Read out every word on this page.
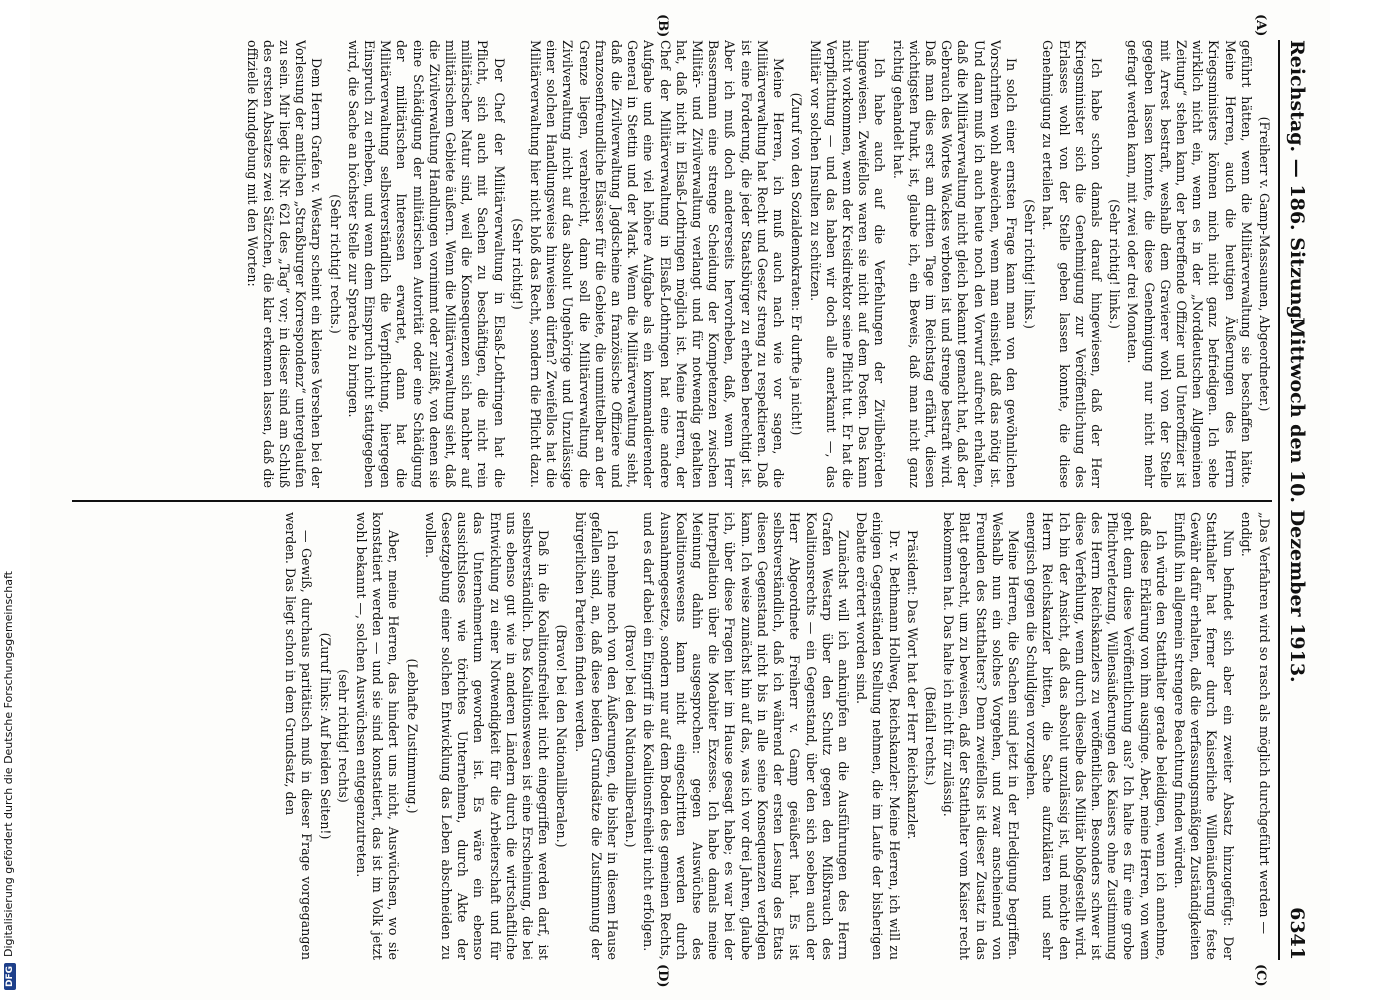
Reichstag. — 186. Sitzung.
Mittwoch den 10. Dezember 1913.
6341
(A)
(B)
(C)
(D)

(Freiherr v. Gamp-Massaunen, Abgeordneter.)

geführt hätten, wenn die Militärverwaltung sie beschaffen hätte. Meine Herren, auch die heutigen Äußerungen des Herrn Kriegsministers können mich nicht ganz befriedigen. Ich sehe wirklich nicht ein, wenn es in der „Norddeutschen Allgemeinen Zeitung“ stehen kann, der betreffende Offizier und Unteroffizier ist mit Arrest bestraft, weshalb dem Gravierer wohl von der Stelle gegeben lassen konnte, die diese Genehmigung nur nicht mehr gefragt werden kann, mit zwei oder drei Monaten.

(Sehr richtig! links.)

Ich habe schon damals darauf hingewiesen, daß der Herr Kriegsminister sich die Genehmigung zur Veröffentlichung des Erlasses wohl von der Stelle geben lassen konnte, die diese Genehmigung zu erteilen hat.

(Sehr richtig! links.)

In solch einer ernsten Frage kann man von den gewöhnlichen Vorschriften wohl abweichen, wenn man einsieht, daß das nötig ist. Und dann muß ich auch heute noch den Vorwurf aufrecht erhalten, daß die Militärverwaltung nicht gleich bekannt gemacht hat, daß der Gebrauch des Wortes Wackes verboten ist und strenge bestraft wird. Daß man dies erst am dritten Tage im Reichstag erfährt, diesen wichtigsten Punkt, ist, glaube ich, ein Beweis, daß man nicht ganz richtig gehandelt hat.

Ich habe auch auf die Verfehlungen der Zivilbehörden hingewiesen. Zweifellos waren sie nicht auf dem Posten. Das kann nicht vorkommen, wenn der Kreisdirektor seine Pflicht tut. Er hat die Verpflichtung — und das haben wir doch alle anerkannt —, das Militär vor solchen Insulten zu schützen.

(Zuruf von den Sozialdemokraten: Er durfte ja nicht!)

Meine Herren, ich muß auch nach wie vor sagen, die Militärverwaltung hat Recht und Gesetz streng zu respektieren. Daß ist eine Forderung, die jeder Staatsbürger zu erheben berechtigt ist. Aber ich muß doch andererseits hervorheben, daß, wenn Herr Bassermann eine strenge Scheidung der Kompetenzen zwischen Militär- und Zivilverwaltung verlangt und für notwendig gehalten hat, daß nicht in Elsaß-Lothringen möglich ist. Meine Herren, der Chef der Militärverwaltung in Elsaß-Lothringen hat eine andere Aufgabe und eine viel höhere Aufgabe als ein kommandierender General in Stettin und der Mark. Wenn die Militärverwaltung sieht, daß die Zivilverwaltung Jagdscheine an französische Offiziere und franzosenfreundliche Elsässer für die Gebiete, die unmittelbar an der Grenze liegen, verabreicht, dann soll die Militärverwaltung die Zivilverwaltung nicht auf das absolut Ungehörige und Unzulässige einer solchen Handlungsweise hinweisen dürfen? Zweifellos hat die Militärverwaltung hier nicht bloß das Recht, sondern die Pflicht dazu.

(Sehr richtig!)

Der Chef der Militärverwaltung in Elsaß-Lothringen hat die Pflicht, sich auch mit Sachen zu beschäftigen, die nicht rein militärischer Natur sind, weil die Konsequenzen sich nachher auf militärischem Gebiete äußern. Wenn die Militärverwaltung sieht, daß die Zivilverwaltung Handlungen vornimmt oder zuläßt, von denen sie eine Schädigung der militärischen Autorität oder eine Schädigung der militärischen Interessen erwartet, dann hat die Militärverwaltung selbstverständlich die Verpflichtung, hiergegen Einspruch zu erheben, und wenn dem Einspruch nicht stattgegeben wird, die Sache an höchster Stelle zur Sprache zu bringen.

(Sehr richtig! rechts.)

Dem Herrn Grafen v. Westarp scheint ein kleines Versehen bei der Vorlesung der amtlichen „Straßburger Korrespondenz“ untergelaufen zu sein. Mir liegt die Nr. 621 des „Tag“ vor; in dieser sind am Schluß des ersten Absatzes zwei Sätzchen, die klar erkennen lassen, daß die offizielle Kundgebung mit den Worten:

„Das Verfahren wird so rasch als möglich durchgeführt werden —

endigt.

Nun befindet sich aber ein zweiter Absatz hinzugefügt: Der Statthalter hat ferner durch Kaiserliche Willenäußerung feste Gewähr dafür erhalten, daß die verfassungsmäßigen Zuständigkeiten Einfluß hin allgemein strengere Beachtung finden würden.

Ich würde den Statthalter gerade beleidigen, wenn ich annehme, daß diese Erklärung von ihm ausginge. Aber, meine Herren, von wem geht denn diese Veröffentlichung aus? Ich halte es für eine grobe Pflichtverletzung, Willensäußerungen des Kaisers ohne Zustimmung des Herrn Reichskanzlers zu veröffentlichen. Besonders schwer ist diese Verfehlung, wenn durch dieselbe das Militär bloßgestellt wird. Ich bin der Ansicht, daß das absolut unzulässig ist, und möchte den Herrn Reichskanzler bitten, die Sache aufzuklären und sehr energisch gegen die Schuldigen vorzugehen.

Meine Herren, die Sachen sind jetzt in der Erledigung begriffen. Weshalb nun ein solches Vorgehen, und zwar anscheinend von Freunden des Statthalters? Denn zweifellos ist dieser Zusatz in das Blatt gebracht, um zu beweisen, daß der Statthalter vom Kaiser recht bekommen hat. Das halte ich nicht für zulässig.

(Beifall rechts.)

Präsident: Das Wort hat der Herr Reichskanzler.

Dr. v. Bethmann Hollweg, Reichskanzler: Meine Herren, ich will zu einigen Gegenständen Stellung nehmen, die im Laufe der bisherigen Debatte erörtert worden sind.

Zunächst will ich anknüpfen an die Ausführungen des Herrn Grafen Westarp über den Schutz gegen den Mißbrauch des Koalitionsrechts — ein Gegenstand, über den sich soeben auch der Herr Abgeordnete Freiherr v. Gamp geäußert hat. Es ist selbstverständlich, daß ich während der ersten Lesung des Etats diesen Gegenstand nicht bis in alle seine Konsequenzen verfolgen kann. Ich weise zunächst hin auf das, was ich vor drei Jahren, glaube ich, über diese Fragen hier im Hause gesagt habe; es war bei der Interpellation über die Moabiter Exzesse. Ich habe damals meine Meinung dahin ausgesprochen: gegen Auswüchse des Koalitionswesens kann nicht eingeschritten werden durch Ausnahmegesetze, sondern nur auf dem Boden des gemeinen Rechts, und es darf dabei ein Eingriff in die Koalitionsfreiheit nicht erfolgen.

(Bravo! bei den Nationalliberalen.)

Ich nehme noch von den Äußerungen, die bisher in diesem Hause gefallen sind, an, daß diese beiden Grundsätze die Zustimmung der bürgerlichen Parteien finden werden.

(Bravo! bei den Nationalliberalen.)

Daß in die Koalitionsfreiheit nicht eingegriffen werden darf, ist selbstverständlich. Das Koalitionswesen ist eine Erscheinung, die bei uns ebenso gut wie in anderen Ländern durch die wirtschaftliche Entwicklung zu einer Notwendigkeit für die Arbeiterschaft und für das Unternehmertum geworden ist. Es wäre ein ebenso aussichtsloses wie törichtes Unternehmen, durch Akte der Gesetzgebung einer solchen Entwicklung das Leben abschneiden zu wollen.

(Lebhafte Zustimmung.)

Aber, meine Herren, das hindert uns nicht, Auswüchsen, wo sie konstatiert werden — und sie sind konstatiert, das ist im Volk jetzt wohl bekannt —, solchen Auswüchsen entgegenzutreten.

(sehr richtig! rechts)

(Zuruf links: Auf beiden Seiten!)

— Gewiß, durchaus paritätisch muß in dieser Frage vorgegangen werden. Das liegt schon in dem Grundsatz, den

DFGDigitalisierung gefördert durch die Deutsche Forschungsgemeinschaft
